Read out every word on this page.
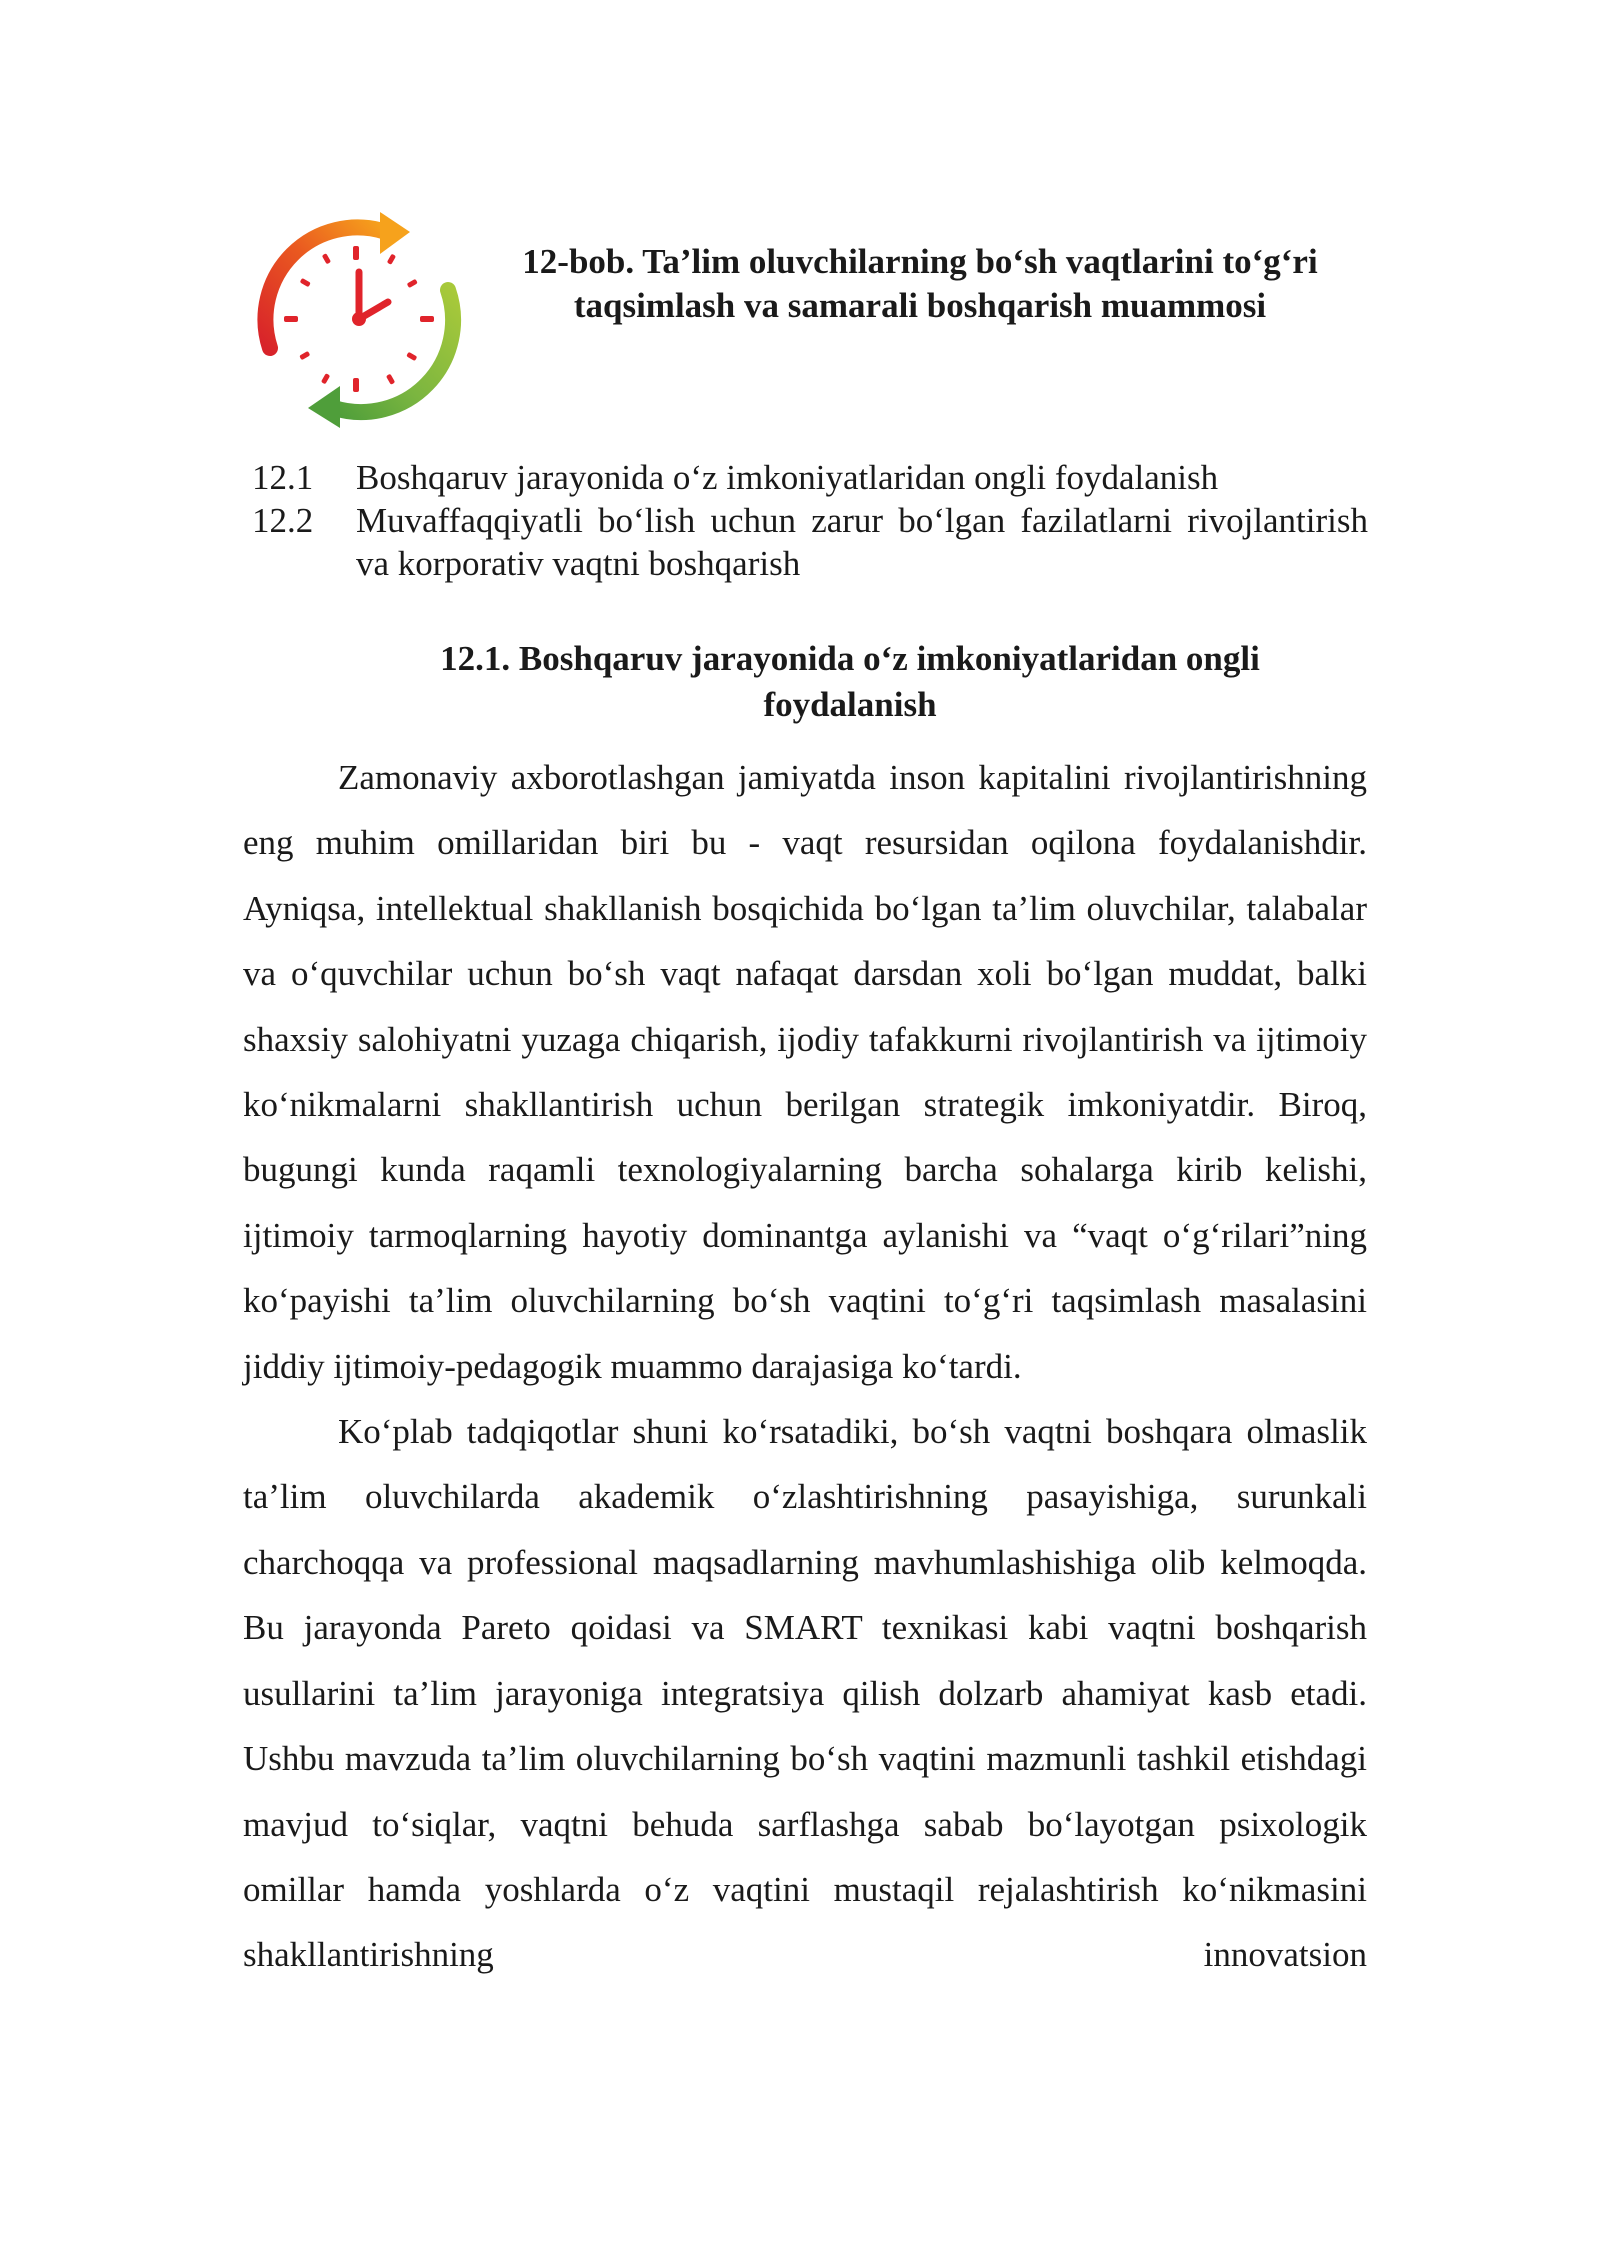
12-bob. Ta’lim oluvchilarning bo‘sh vaqtlarini to‘g‘ri taqsimlash va samarali boshqarish muammosi
12.1	Boshqaruv jarayonida o‘z imkoniyatlaridan ongli foydalanish
12.2	Muvaffaqqiyatli bo‘lish uchun zarur bo‘lgan fazilatlarni rivojlantirish va korporativ vaqtni boshqarish
12.1. Boshqaruv jarayonida o‘z imkoniyatlaridan ongli foydalanish

Zamonaviy axborotlashgan jamiyatda inson kapitalini rivojlantirishning eng muhim omillaridan biri bu - vaqt resursidan oqilona foydalanishdir. Ayniqsa, intellektual shakllanish bosqichida bo‘lgan ta’lim oluvchilar, talabalar va o‘quvchilar uchun bo‘sh vaqt nafaqat darsdan xoli bo‘lgan muddat, balki shaxsiy salohiyatni yuzaga chiqarish, ijodiy tafakkurni rivojlantirish va ijtimoiy ko‘nikmalarni shakllantirish uchun berilgan strategik imkoniyatdir. Biroq, bugungi kunda raqamli texnologiyalarning barcha sohalarga kirib kelishi, ijtimoiy tarmoqlarning hayotiy dominantga aylanishi va “vaqt o‘g‘rilari”ning ko‘payishi ta’lim oluvchilarning bo‘sh vaqtini to‘g‘ri taqsimlash masalasini jiddiy ijtimoiy-pedagogik muammo darajasiga ko‘tardi.

Ko‘plab tadqiqotlar shuni ko‘rsatadiki, bo‘sh vaqtni boshqara olmaslik ta’lim oluvchilarda akademik o‘zlashtirishning pasayishiga, surunkali charchoqqa va professional maqsadlarning mavhumlashishiga olib kelmoqda. Bu jarayonda Pareto qoidasi va SMART texnikasi kabi vaqtni boshqarish usullarini ta’lim jarayoniga integratsiya qilish dolzarb ahamiyat kasb etadi. Ushbu mavzuda ta’lim oluvchilarning bo‘sh vaqtini mazmunli tashkil etishdagi mavjud to‘siqlar, vaqtni behuda sarflashga sabab bo‘layotgan psixologik omillar hamda yoshlarda o‘z vaqtini mustaqil rejalashtirish ko‘nikmasini shakllantirishning innovatsion
